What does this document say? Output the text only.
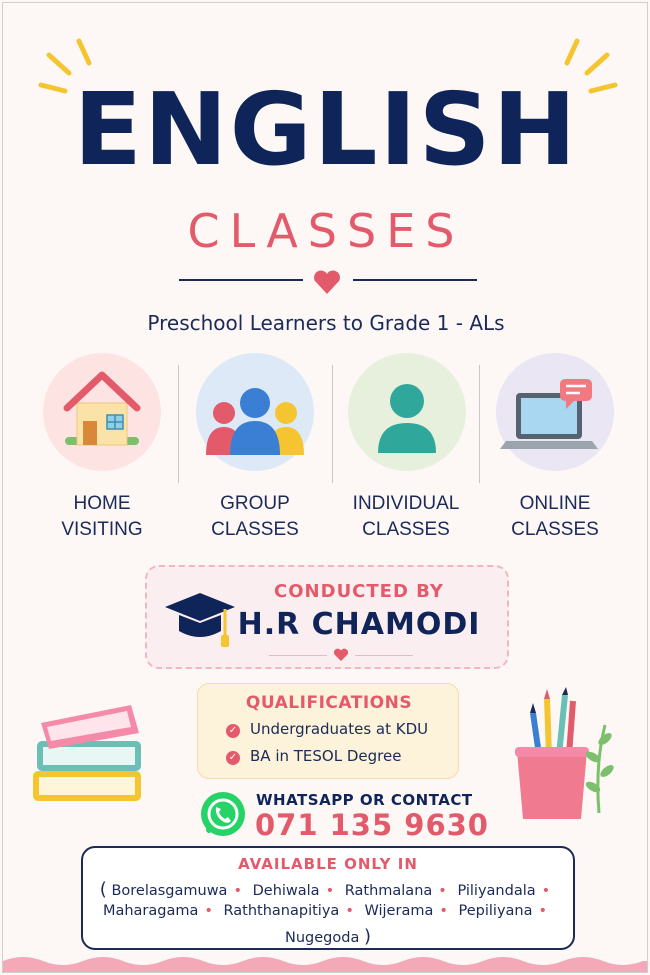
ENGLISH
CLASSES
Preschool Learners to Grade 1 - ALs
HOME
VISITING
GROUP
CLASSES
INDIVIDUAL
CLASSES
ONLINE
CLASSES
CONDUCTED BY
H.R CHAMODI
QUALIFICATIONS
✓ Undergraduates at KDU
✓ BA in TESOL Degree
WHATSAPP OR CONTACT
071 135 9630
AVAILABLE ONLY IN
( Borelasgamuwa • Dehiwala • Rathmalana • Piliyandala •
Maharagama • Raththanapitiya • Wijerama • Pepiliyana •
Nugegoda )
